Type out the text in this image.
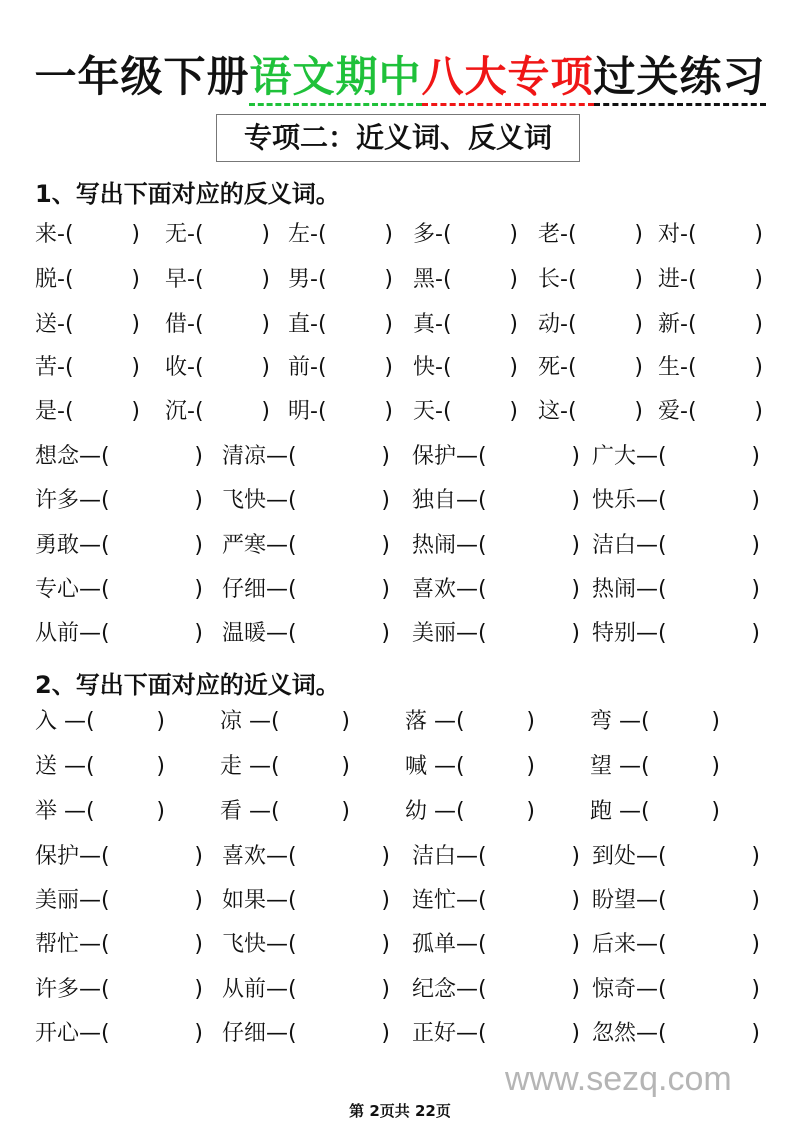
一年级下册语文期中八大专项过关练习
专项二：近义词、反义词
1、写出下面对应的反义词。
2、写出下面对应的近义词。
来-(	) 无-(	) 左-(	) 多-(	) 老-(	) 对-(	)
脱-(	) 早-(	) 男-(	) 黑-(	) 长-(	) 进-(	)
送-(	) 借-(	) 直-(	) 真-(	) 动-(	) 新-(	)
苦-(	) 收-(	) 前-(	) 快-(	) 死-(	) 生-(	)
是-(	) 沉-(	) 明-(	) 天-(	) 这-(	) 爱-(	)
想念—(	) 清凉—(	) 保护—(	) 广大—(	)
许多—(	) 飞快—(	) 独自—(	) 快乐—(	)
勇敢—(	) 严寒—(	) 热闹—(	) 洁白—(	)
专心—(	) 仔细—(	) 喜欢—(	) 热闹—(	)
从前—(	) 温暖—(	) 美丽—(	) 特别—(	)
入 —(	)	凉 —(	)	落 —(	)	弯 —(	)
送 —(	)	走 —(	)	喊 —(	)	望 —(	)
举 —(	)	看 —(	)	幼 —(	)	跑 —(	)
保护—(	) 喜欢—(	) 洁白—(	) 到处—(	)
美丽—(	) 如果—(	) 连忙—(	) 盼望—(	)
帮忙—(	) 飞快—(	) 孤单—(	) 后来—(	)
许多—(	) 从前—(	) 纪念—(	) 惊奇—(	)
开心—(	) 仔细—(	) 正好—(	) 忽然—(	)
www.sezq.com
第 2页共 22页
